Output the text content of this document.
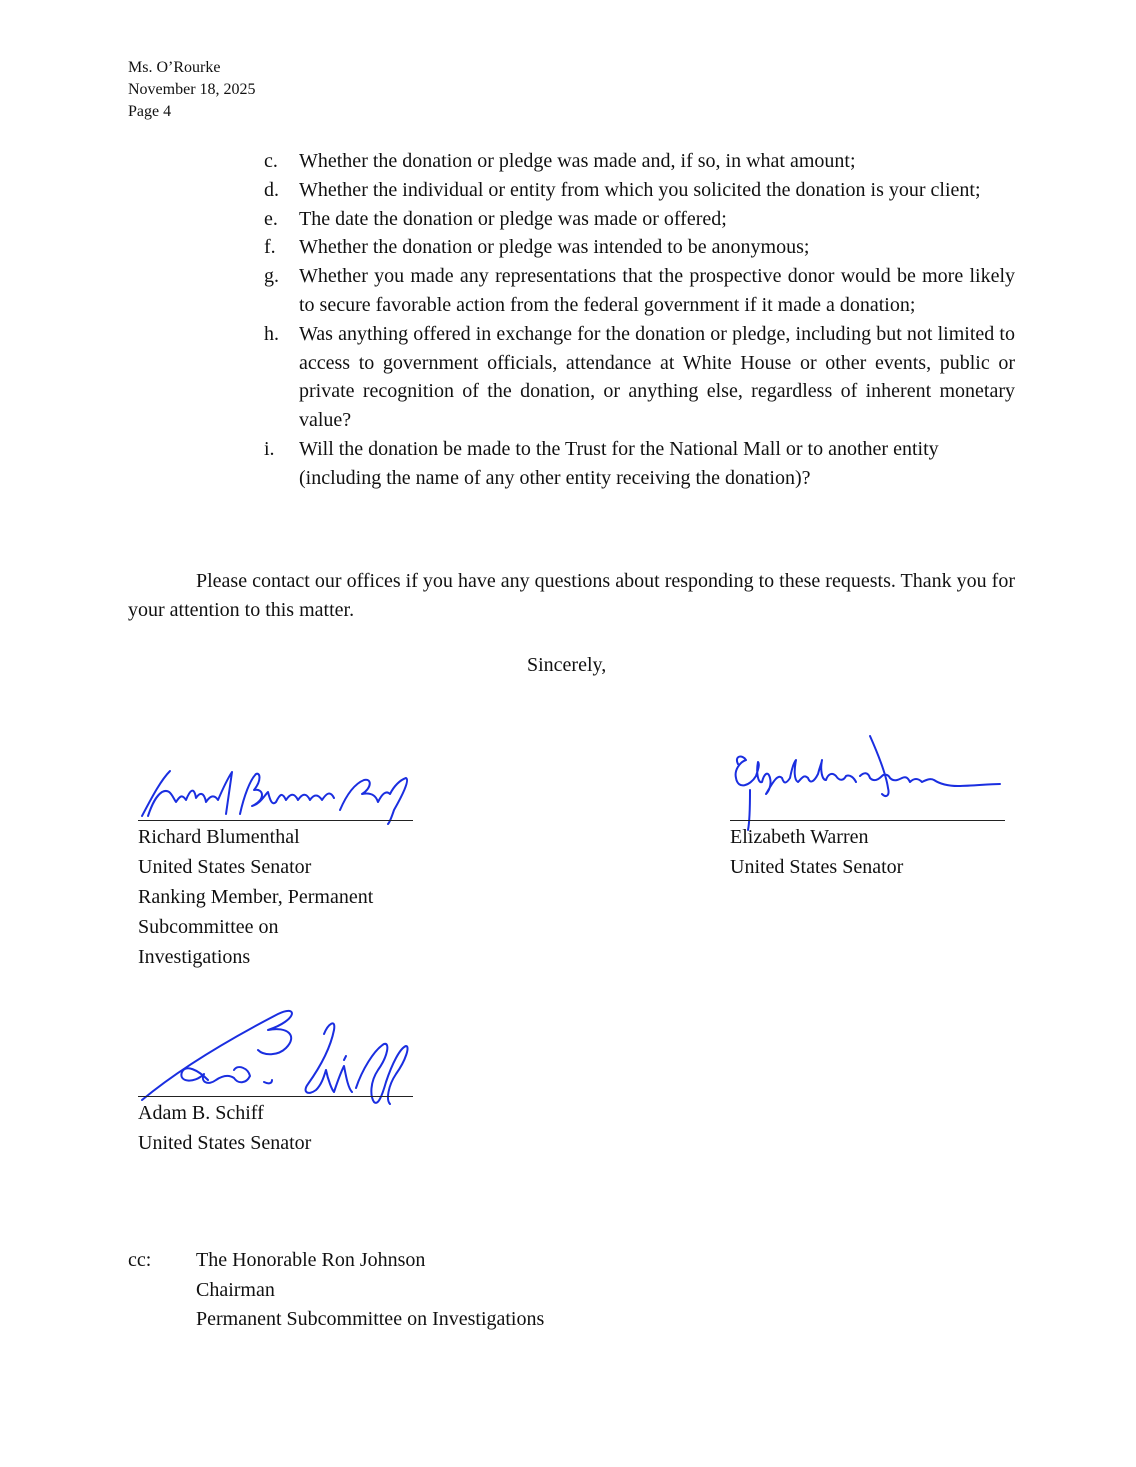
Ms. O’Rourke
November 18, 2025
Page 4
c.	Whether the donation or pledge was made and, if so, in what amount;
d.	Whether the individual or entity from which you solicited the donation is your client;
e.	The date the donation or pledge was made or offered;
f.	Whether the donation or pledge was intended to be anonymous;
g.	Whether you made any representations that the prospective donor would be more likely to secure favorable action from the federal government if it made a donation;
h.	Was anything offered in exchange for the donation or pledge, including but not limited to access to government officials, attendance at White House or other events, public or private recognition of the donation, or anything else, regardless of inherent monetary value?
i.	Will the donation be made to the Trust for the National Mall or to another entity (including the name of any other entity receiving the donation)?
Please contact our offices if you have any questions about responding to these requests. Thank you for your attention to this matter.
Sincerely,
Richard Blumenthal
United States Senator
Ranking Member, Permanent
Subcommittee on
Investigations
Elizabeth Warren
United States Senator
Adam B. Schiff
United States Senator
cc: The Honorable Ron Johnson
Chairman
Permanent Subcommittee on Investigations
